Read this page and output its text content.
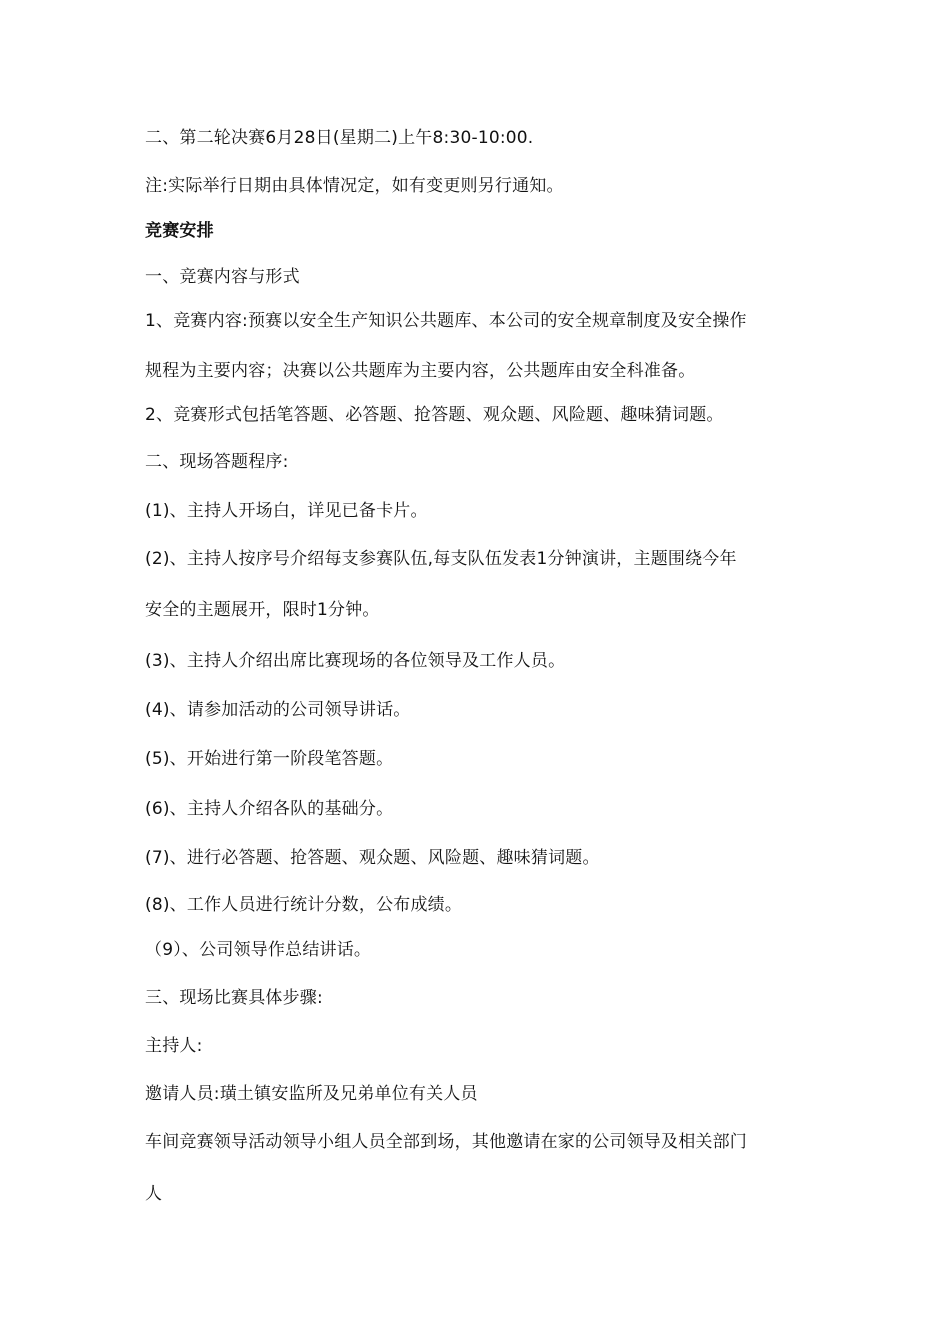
二、第二轮决赛6月28日(星期二)上午8:30-10:00.
注:实际举行日期由具体情况定，如有变更则另行通知。
竞赛安排
一、竞赛内容与形式
1、竞赛内容:预赛以安全生产知识公共题库、本公司的安全规章制度及安全操作
规程为主要内容；决赛以公共题库为主要内容，公共题库由安全科准备。
2、竞赛形式包括笔答题、必答题、抢答题、观众题、风险题、趣味猜词题。
二、现场答题程序:
(1)、主持人开场白，详见已备卡片。
(2)、主持人按序号介绍每支参赛队伍,每支队伍发表1分钟演讲，主题围绕今年
安全的主题展开，限时1分钟。
(3)、主持人介绍出席比赛现场的各位领导及工作人员。
(4)、请参加活动的公司领导讲话。
(5)、开始进行第一阶段笔答题。
(6)、主持人介绍各队的基础分。
(7)、进行必答题、抢答题、观众题、风险题、趣味猜词题。
(8)、工作人员进行统计分数，公布成绩。
（9）、公司领导作总结讲话。
三、现场比赛具体步骤:
主持人:
邀请人员:璜土镇安监所及兄弟单位有关人员
车间竞赛领导活动领导小组人员全部到场，其他邀请在家的公司领导及相关部门
人
